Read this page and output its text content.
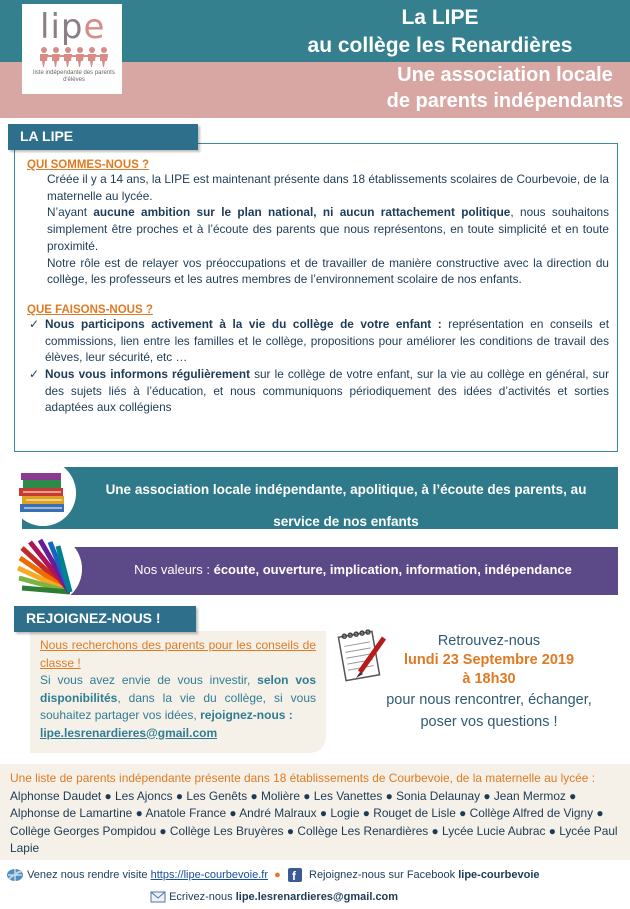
lipe
liste indépendante des parents d'élèves
La LIPE
au collège les Renardières
Une association locale
de parents indépendants
QUI SOMMES-NOUS ?
Créée il y a 14 ans, la LIPE est maintenant présente dans 18 établissements scolaires de Courbevoie, de la maternelle au lycée.
N’ayant aucune ambition sur le plan national, ni aucun rattachement politique, nous souhaitons simplement être proches et à l’écoute des parents que nous représentons, en toute simplicité et en toute proximité.
Notre rôle est de relayer vos préoccupations et de travailler de manière constructive avec la direction du collège, les professeurs et les autres membres de l’environnement scolaire de nos enfants.
QUE FAISONS-NOUS ?
✓ Nous participons activement à la vie du collège de votre enfant : représentation en conseils et commissions, lien entre les familles et le collège, propositions pour améliorer les conditions de travail des élèves, leur sécurité, etc …
✓ Nous vous informons régulièrement sur le collège de votre enfant, sur la vie au collège en général, sur des sujets liés à l’éducation, et nous communiquons périodiquement des idées d’activités et sorties adaptées aux collégiens
LA LIPE
Une association locale indépendante, apolitique, à l’écoute des parents, au service de nos enfants
Nos valeurs : écoute, ouverture, implication, information, indépendance
Nous recherchons des parents pour les conseils de classe !
Si vous avez envie de vous investir, selon vos disponibilités, dans la vie du collège, si vous souhaitez partager vos idées, rejoignez-nous :
lipe.lesrenardieres@gmail.com
REJOIGNEZ-NOUS !
Retrouvez-nous
lundi 23 Septembre 2019
à 18h30
pour nous rencontrer, échanger,
poser vos questions !
Une liste de parents indépendante présente dans 18 établissements de Courbevoie, de la maternelle au lycée : Alphonse Daudet ● Les Ajoncs ● Les Genêts ● Molière ● Les Vanettes ● Sonia Delaunay ● Jean Mermoz ● Alphonse de Lamartine ● Anatole France ● André Malraux ● Logie ● Rouget de Lisle ● Collège Alfred de Vigny ● Collège Georges Pompidou ● Collège Les Bruyères ● Collège Les Renardières ● Lycée Lucie Aubrac ● Lycée Paul Lapie
Venez nous rendre visite https://lipe-courbevoie.fr  ● f Rejoignez-nous sur Facebook lipe-courbevoie
Ecrivez-nous lipe.lesrenardieres@gmail.com
